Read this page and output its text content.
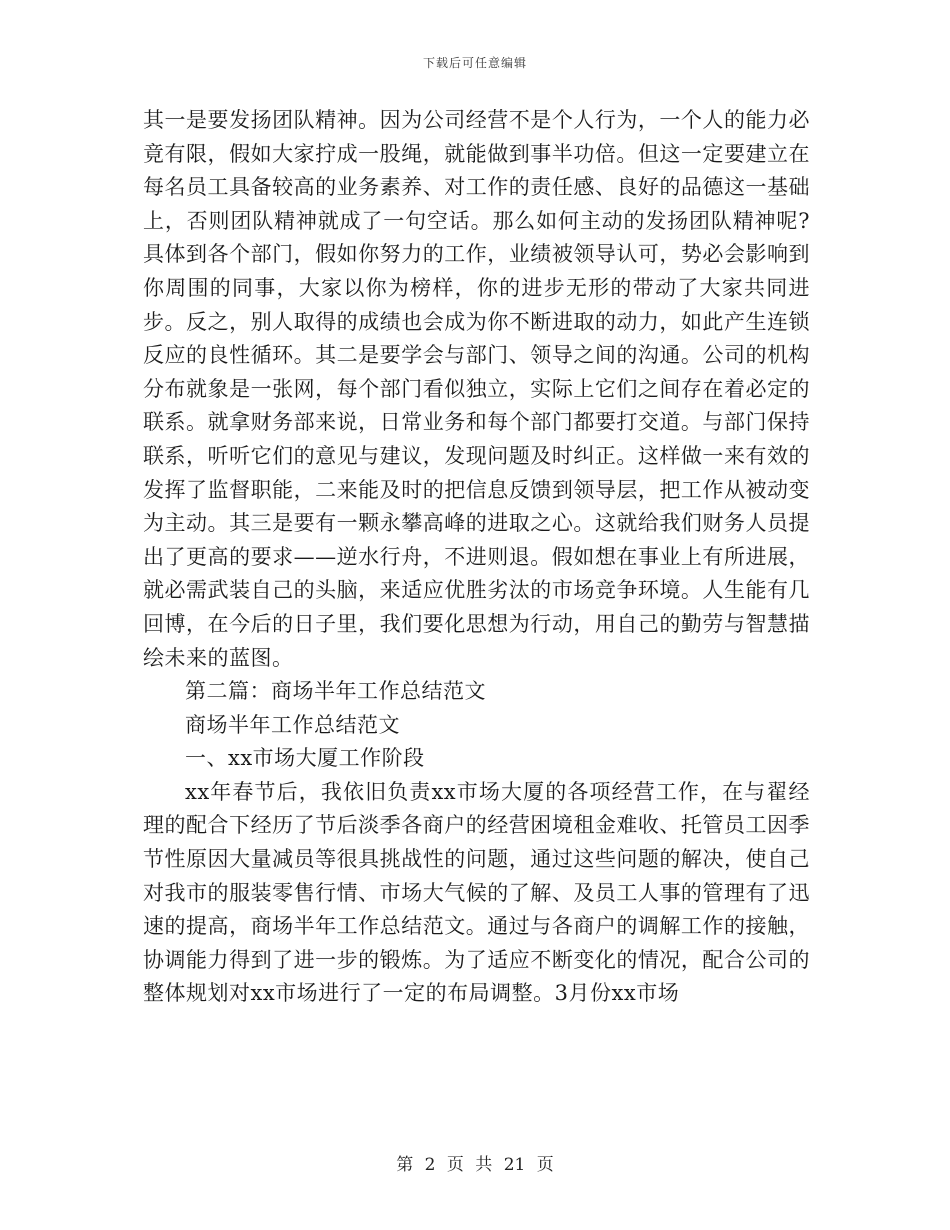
下载后可任意编辑

其一是要发扬团队精神。因为公司经营不是个人行为，一个人的能力必竟有限，假如大家拧成一股绳，就能做到事半功倍。但这一定要建立在每名员工具备较高的业务素养、对工作的责任感、良好的品德这一基础上，否则团队精神就成了一句空话。那么如何主动的发扬团队精神呢?具体到各个部门，假如你努力的工作，业绩被领导认可，势必会影响到你周围的同事，大家以你为榜样，你的进步无形的带动了大家共同进步。反之，别人取得的成绩也会成为你不断进取的动力，如此产生连锁反应的良性循环。其二是要学会与部门、领导之间的沟通。公司的机构分布就象是一张网，每个部门看似独立，实际上它们之间存在着必定的联系。就拿财务部来说，日常业务和每个部门都要打交道。与部门保持联系，听听它们的意见与建议，发现问题及时纠正。这样做一来有效的发挥了监督职能，二来能及时的把信息反馈到领导层，把工作从被动变为主动。其三是要有一颗永攀高峰的进取之心。这就给我们财务人员提出了更高的要求——逆水行舟，不进则退。假如想在事业上有所进展，就必需武装自己的头脑，来适应优胜劣汰的市场竞争环境。人生能有几回博，在今后的日子里，我们要化思想为行动，用自己的勤劳与智慧描绘未来的蓝图。

第二篇：商场半年工作总结范文

商场半年工作总结范文

一、xx市场大厦工作阶段

xx年春节后，我依旧负责xx市场大厦的各项经营工作，在与翟经理的配合下经历了节后淡季各商户的经营困境租金难收、托管员工因季节性原因大量减员等很具挑战性的问题，通过这些问题的解决，使自己对我市的服装零售行情、市场大气候的了解、及员工人事的管理有了迅速的提高，商场半年工作总结范文。通过与各商户的调解工作的接触，协调能力得到了进一步的锻炼。为了适应不断变化的情况，配合公司的整体规划对xx市场进行了一定的布局调整。3月份xx市场

第 2 页 共 21 页
